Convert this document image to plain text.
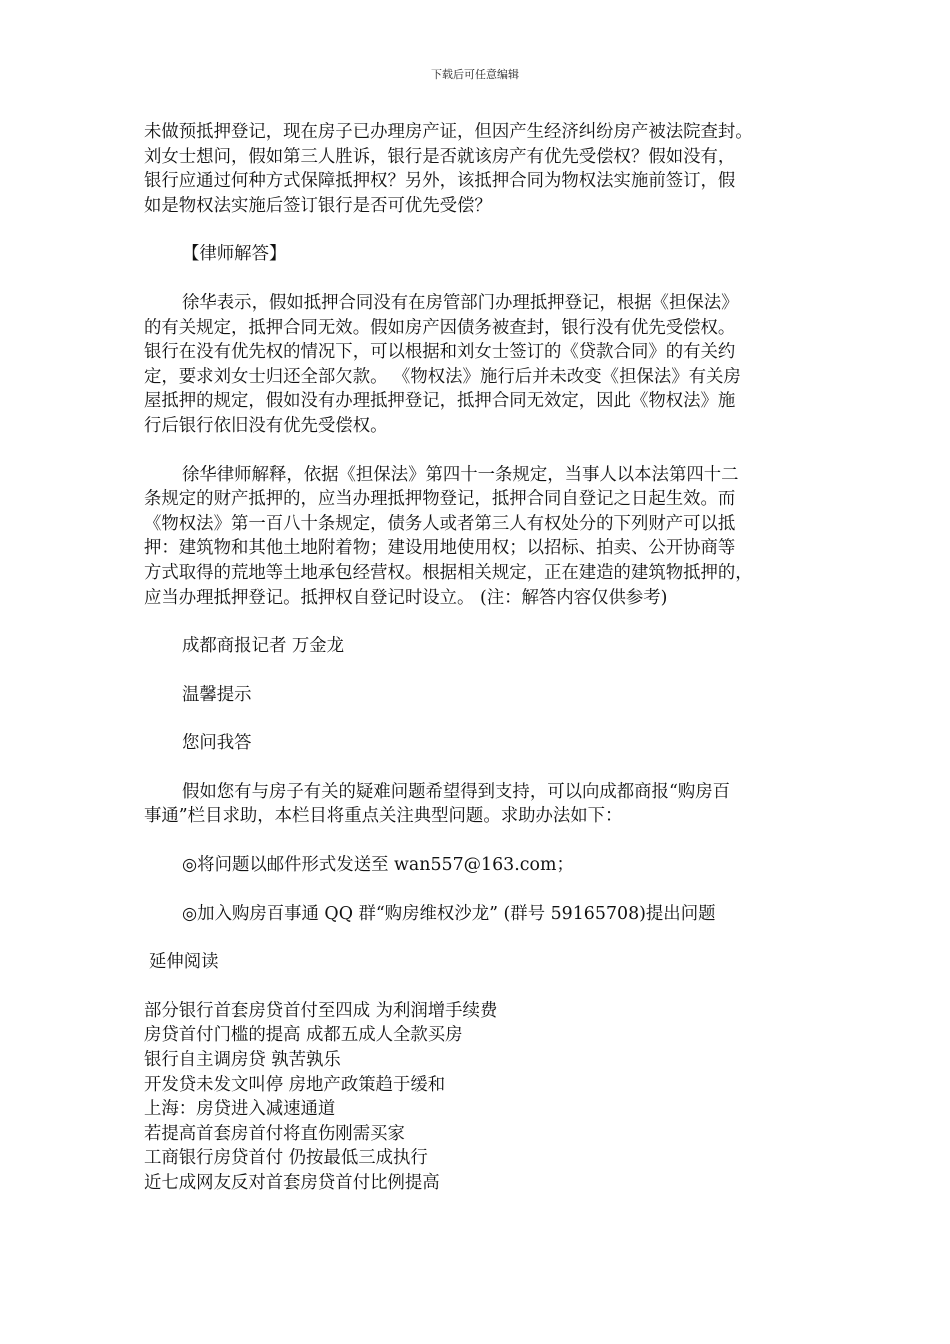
下载后可任意编辑

未做预抵押登记，现在房子已办理房产证，但因产生经济纠纷房产被法院查封。
刘女士想问，假如第三人胜诉，银行是否就该房产有优先受偿权？假如没有，
银行应通过何种方式保障抵押权？另外，该抵押合同为物权法实施前签订，假
如是物权法实施后签订银行是否可优先受偿？

【律师解答】

徐华表示，假如抵押合同没有在房管部门办理抵押登记，根据《担保法》
的有关规定，抵押合同无效。假如房产因债务被查封，银行没有优先受偿权。
银行在没有优先权的情况下，可以根据和刘女士签订的《贷款合同》的有关约
定，要求刘女士归还全部欠款。 《物权法》施行后并未改变《担保法》有关房
屋抵押的规定，假如没有办理抵押登记，抵押合同无效定，因此《物权法》施
行后银行依旧没有优先受偿权。

徐华律师解释，依据《担保法》第四十一条规定，当事人以本法第四十二
条规定的财产抵押的，应当办理抵押物登记，抵押合同自登记之日起生效。而
《物权法》第一百八十条规定，债务人或者第三人有权处分的下列财产可以抵
押：建筑物和其他土地附着物；建设用地使用权；以招标、拍卖、公开协商等
方式取得的荒地等土地承包经营权。根据相关规定，正在建造的建筑物抵押的，
应当办理抵押登记。抵押权自登记时设立。 (注：解答内容仅供参考)

成都商报记者 万金龙

温馨提示

您问我答

假如您有与房子有关的疑难问题希望得到支持，可以向成都商报“购房百
事通”栏目求助，本栏目将重点关注典型问题。求助办法如下：

◎将问题以邮件形式发送至 wan557@163.com；

◎加入购房百事通 QQ 群“购房维权沙龙” (群号 59165708)提出问题

延伸阅读

部分银行首套房贷首付至四成 为利润增手续费
房贷首付门槛的提高 成都五成人全款买房
银行自主调房贷 孰苦孰乐
开发贷未发文叫停 房地产政策趋于缓和
上海：房贷进入减速通道
若提高首套房首付将直伤刚需买家
工商银行房贷首付 仍按最低三成执行
近七成网友反对首套房贷首付比例提高
